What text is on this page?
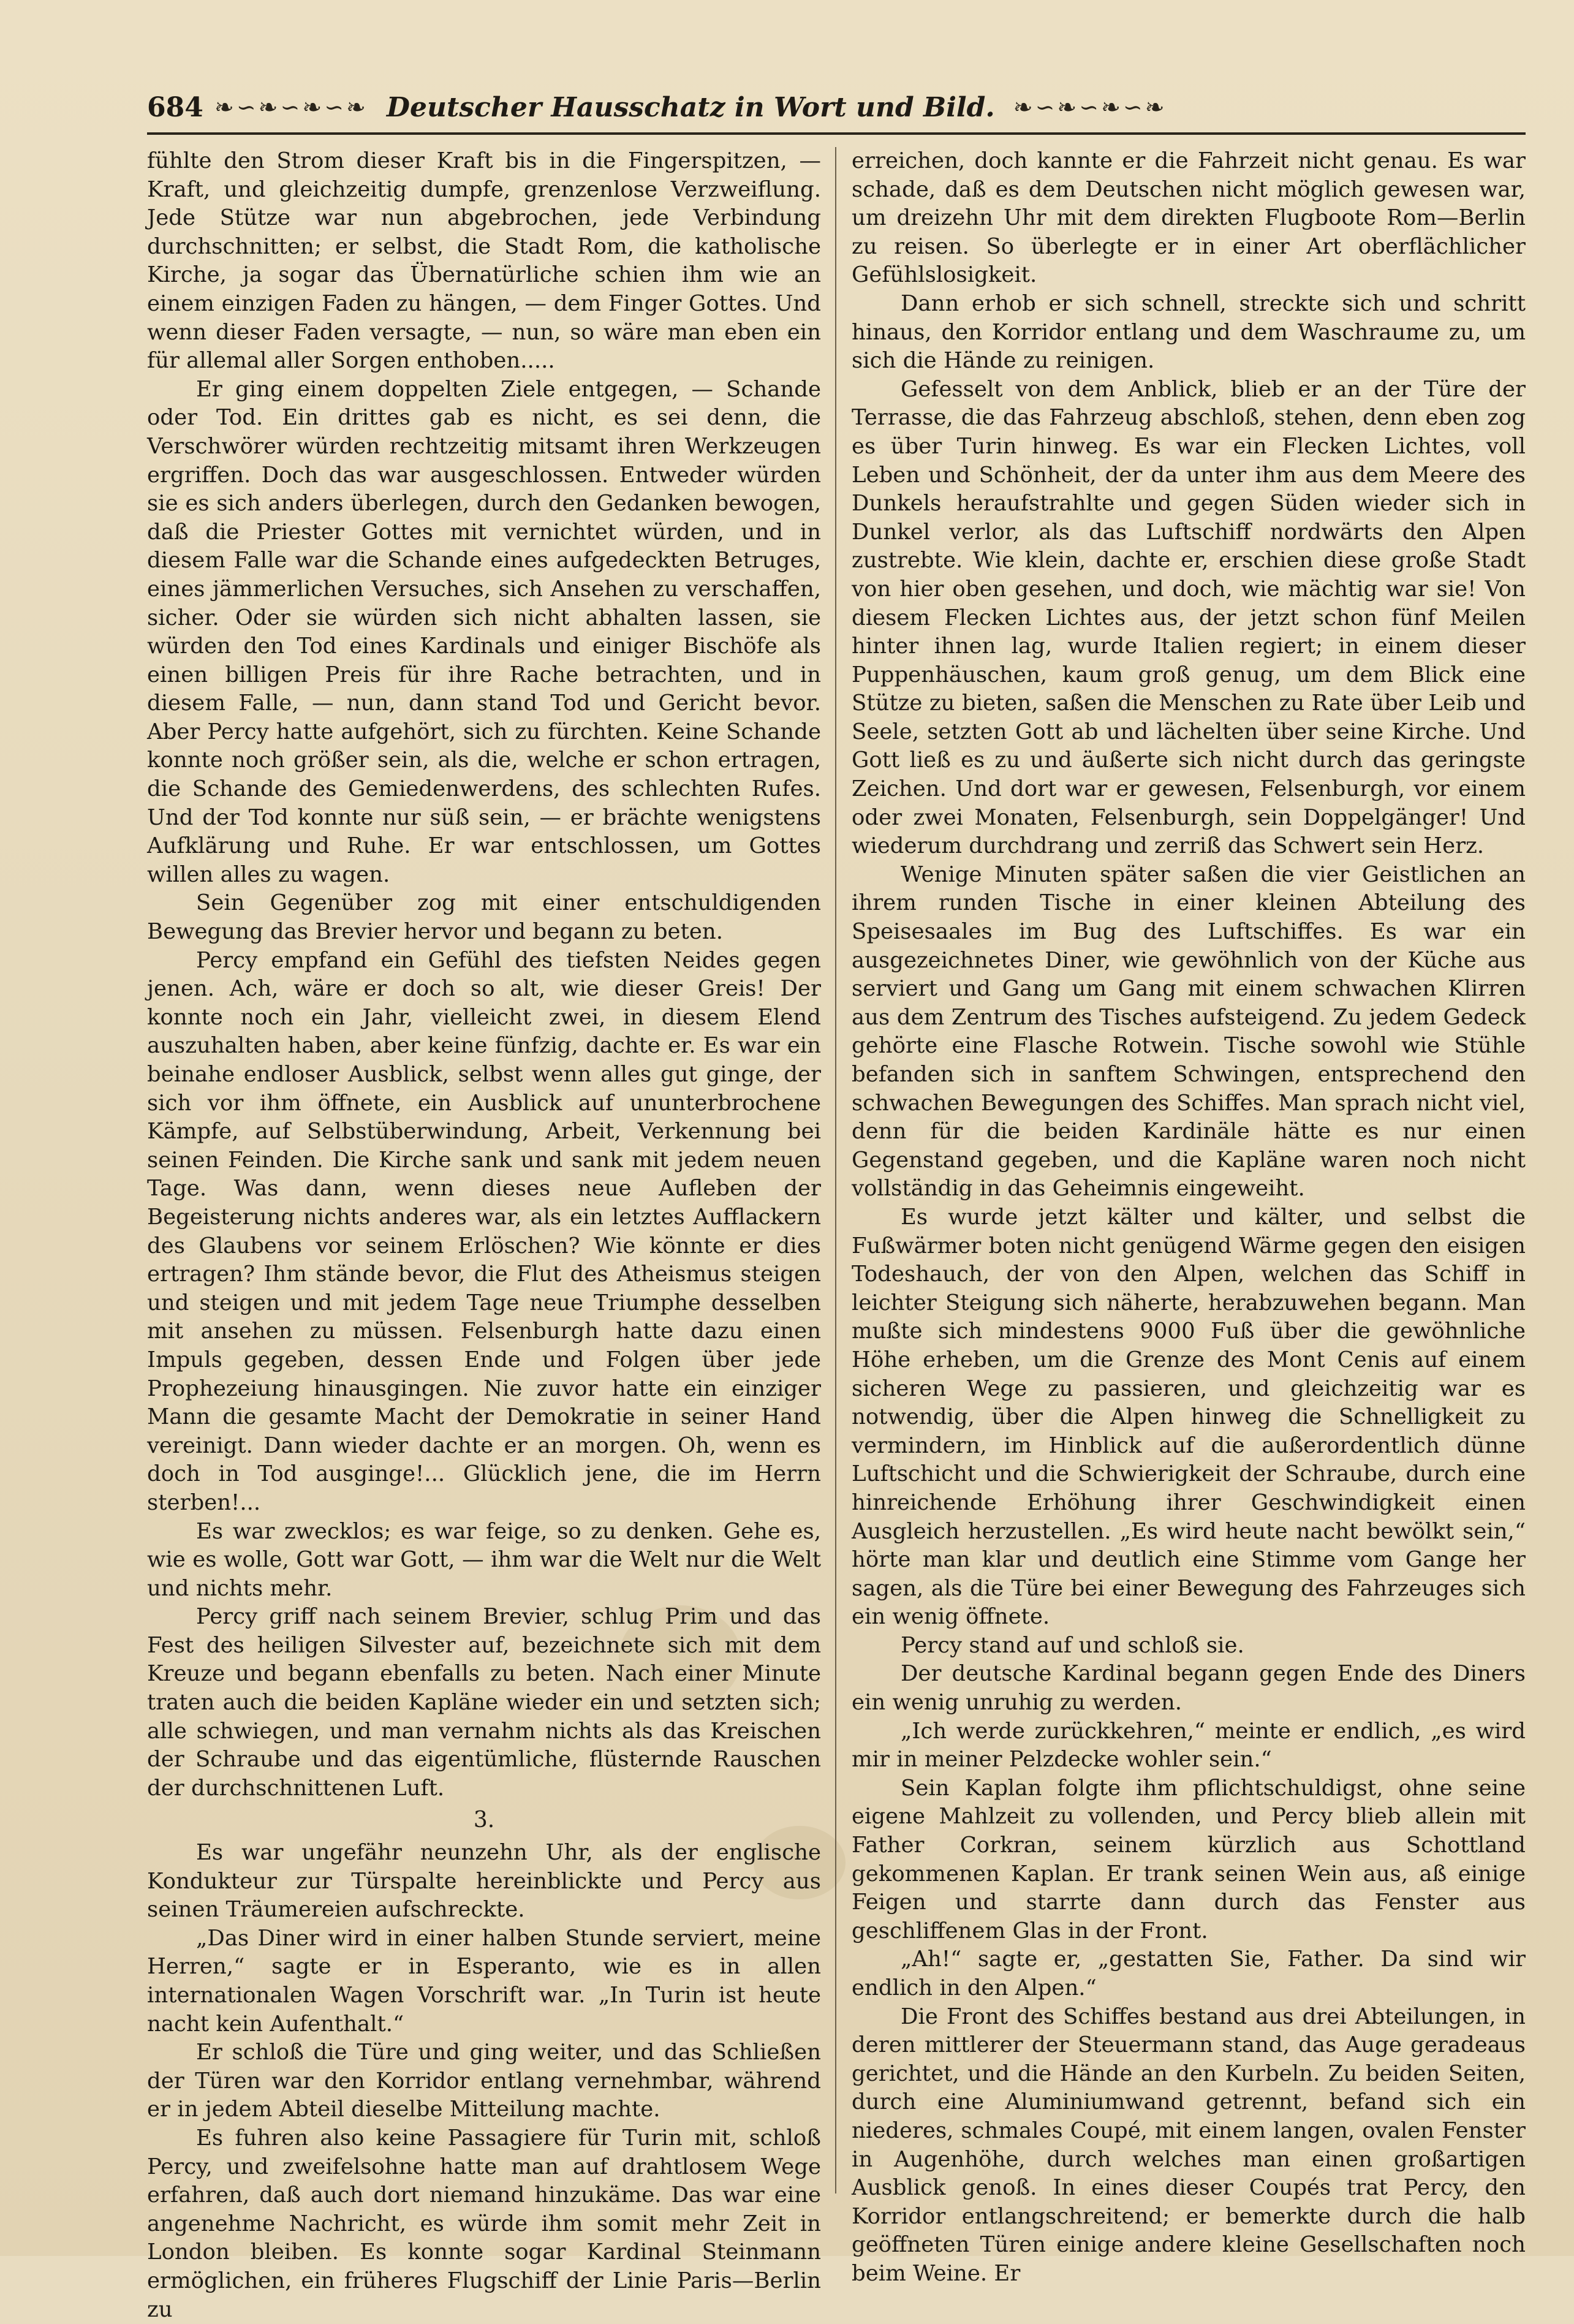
684 ❧∽❧∽❧∽❧ Deutscher Hausschatz in Wort und Bild. ❧∽❧∽❧∽❧

fühlte den Strom dieser Kraft bis in die Fingerspitzen, — Kraft, und gleichzeitig dumpfe, grenzenlose Verzweiflung. Jede Stütze war nun abgebrochen, jede Verbindung durchschnitten; er selbst, die Stadt Rom, die katholische Kirche, ja sogar das Übernatürliche schien ihm wie an einem einzigen Faden zu hängen, — dem Finger Gottes. Und wenn dieser Faden versagte, — nun, so wäre man eben ein für allemal aller Sorgen enthoben.....

Er ging einem doppelten Ziele entgegen, — Schande oder Tod. Ein drittes gab es nicht, es sei denn, die Verschwörer würden rechtzeitig mitsamt ihren Werkzeugen ergriffen. Doch das war ausgeschlossen. Entweder würden sie es sich anders überlegen, durch den Gedanken bewogen, daß die Priester Gottes mit vernichtet würden, und in diesem Falle war die Schande eines aufgedeckten Betruges, eines jämmerlichen Versuches, sich Ansehen zu verschaffen, sicher. Oder sie würden sich nicht abhalten lassen, sie würden den Tod eines Kardinals und einiger Bischöfe als einen billigen Preis für ihre Rache betrachten, und in diesem Falle, — nun, dann stand Tod und Gericht bevor. Aber Percy hatte aufgehört, sich zu fürchten. Keine Schande konnte noch größer sein, als die, welche er schon ertragen, die Schande des Gemiedenwerdens, des schlechten Rufes. Und der Tod konnte nur süß sein, — er brächte wenigstens Aufklärung und Ruhe. Er war entschlossen, um Gottes willen alles zu wagen.

Sein Gegenüber zog mit einer entschuldigenden Bewegung das Brevier hervor und begann zu beten.

Percy empfand ein Gefühl des tiefsten Neides gegen jenen. Ach, wäre er doch so alt, wie dieser Greis! Der konnte noch ein Jahr, vielleicht zwei, in diesem Elend auszuhalten haben, aber keine fünfzig, dachte er. Es war ein beinahe endloser Ausblick, selbst wenn alles gut ginge, der sich vor ihm öffnete, ein Ausblick auf ununterbrochene Kämpfe, auf Selbstüberwindung, Arbeit, Verkennung bei seinen Feinden. Die Kirche sank und sank mit jedem neuen Tage. Was dann, wenn dieses neue Aufleben der Begeisterung nichts anderes war, als ein letztes Aufflackern des Glaubens vor seinem Erlöschen? Wie könnte er dies ertragen? Ihm stände bevor, die Flut des Atheismus steigen und steigen und mit jedem Tage neue Triumphe desselben mit ansehen zu müssen. Felsenburgh hatte dazu einen Impuls gegeben, dessen Ende und Folgen über jede Prophezeiung hinausgingen. Nie zuvor hatte ein einziger Mann die gesamte Macht der Demokratie in seiner Hand vereinigt. Dann wieder dachte er an morgen. Oh, wenn es doch in Tod ausginge!... Glücklich jene, die im Herrn sterben!...

Es war zwecklos; es war feige, so zu denken. Gehe es, wie es wolle, Gott war Gott, — ihm war die Welt nur die Welt und nichts mehr.

Percy griff nach seinem Brevier, schlug Prim und das Fest des heiligen Silvester auf, bezeichnete sich mit dem Kreuze und begann ebenfalls zu beten. Nach einer Minute traten auch die beiden Kapläne wieder ein und setzten sich; alle schwiegen, und man vernahm nichts als das Kreischen der Schraube und das eigentümliche, flüsternde Rauschen der durchschnittenen Luft.

3.

Es war ungefähr neunzehn Uhr, als der englische Kondukteur zur Türspalte hereinblickte und Percy aus seinen Träumereien aufschreckte.

„Das Diner wird in einer halben Stunde serviert, meine Herren,“ sagte er in Esperanto, wie es in allen internationalen Wagen Vorschrift war. „In Turin ist heute nacht kein Aufenthalt.“

Er schloß die Türe und ging weiter, und das Schließen der Türen war den Korridor entlang vernehmbar, während er in jedem Abteil dieselbe Mitteilung machte.

Es fuhren also keine Passagiere für Turin mit, schloß Percy, und zweifelsohne hatte man auf drahtlosem Wege erfahren, daß auch dort niemand hinzukäme. Das war eine angenehme Nachricht, es würde ihm somit mehr Zeit in London bleiben. Es konnte sogar Kardinal Steinmann ermöglichen, ein früheres Flugschiff der Linie Paris—Berlin zu

erreichen, doch kannte er die Fahrzeit nicht genau. Es war schade, daß es dem Deutschen nicht möglich gewesen war, um dreizehn Uhr mit dem direkten Flugboote Rom—Berlin zu reisen. So überlegte er in einer Art oberflächlicher Gefühlslosigkeit.

Dann erhob er sich schnell, streckte sich und schritt hinaus, den Korridor entlang und dem Waschraume zu, um sich die Hände zu reinigen.

Gefesselt von dem Anblick, blieb er an der Türe der Terrasse, die das Fahrzeug abschloß, stehen, denn eben zog es über Turin hinweg. Es war ein Flecken Lichtes, voll Leben und Schönheit, der da unter ihm aus dem Meere des Dunkels heraufstrahlte und gegen Süden wieder sich in Dunkel verlor, als das Luftschiff nordwärts den Alpen zustrebte. Wie klein, dachte er, erschien diese große Stadt von hier oben gesehen, und doch, wie mächtig war sie! Von diesem Flecken Lichtes aus, der jetzt schon fünf Meilen hinter ihnen lag, wurde Italien regiert; in einem dieser Puppenhäuschen, kaum groß genug, um dem Blick eine Stütze zu bieten, saßen die Menschen zu Rate über Leib und Seele, setzten Gott ab und lächelten über seine Kirche. Und Gott ließ es zu und äußerte sich nicht durch das geringste Zeichen. Und dort war er gewesen, Felsenburgh, vor einem oder zwei Monaten, Felsenburgh, sein Doppelgänger! Und wiederum durchdrang und zerriß das Schwert sein Herz.

Wenige Minuten später saßen die vier Geistlichen an ihrem runden Tische in einer kleinen Abteilung des Speisesaales im Bug des Luftschiffes. Es war ein ausgezeichnetes Diner, wie gewöhnlich von der Küche aus serviert und Gang um Gang mit einem schwachen Klirren aus dem Zentrum des Tisches aufsteigend. Zu jedem Gedeck gehörte eine Flasche Rotwein. Tische sowohl wie Stühle befanden sich in sanftem Schwingen, entsprechend den schwachen Bewegungen des Schiffes. Man sprach nicht viel, denn für die beiden Kardinäle hätte es nur einen Gegenstand gegeben, und die Kapläne waren noch nicht vollständig in das Geheimnis eingeweiht.

Es wurde jetzt kälter und kälter, und selbst die Fußwärmer boten nicht genügend Wärme gegen den eisigen Todeshauch, der von den Alpen, welchen das Schiff in leichter Steigung sich näherte, herabzuwehen begann. Man mußte sich mindestens 9000 Fuß über die gewöhnliche Höhe erheben, um die Grenze des Mont Cenis auf einem sicheren Wege zu passieren, und gleichzeitig war es notwendig, über die Alpen hinweg die Schnelligkeit zu vermindern, im Hinblick auf die außerordentlich dünne Luftschicht und die Schwierigkeit der Schraube, durch eine hinreichende Erhöhung ihrer Geschwindigkeit einen Ausgleich herzustellen. „Es wird heute nacht bewölkt sein,“ hörte man klar und deutlich eine Stimme vom Gange her sagen, als die Türe bei einer Bewegung des Fahrzeuges sich ein wenig öffnete.

Percy stand auf und schloß sie.

Der deutsche Kardinal begann gegen Ende des Diners ein wenig unruhig zu werden.

„Ich werde zurückkehren,“ meinte er endlich, „es wird mir in meiner Pelzdecke wohler sein.“

Sein Kaplan folgte ihm pflichtschuldigst, ohne seine eigene Mahlzeit zu vollenden, und Percy blieb allein mit Father Corkran, seinem kürzlich aus Schottland gekommenen Kaplan. Er trank seinen Wein aus, aß einige Feigen und starrte dann durch das Fenster aus geschliffenem Glas in der Front.

„Ah!“ sagte er, „gestatten Sie, Father. Da sind wir endlich in den Alpen.“

Die Front des Schiffes bestand aus drei Abteilungen, in deren mittlerer der Steuermann stand, das Auge geradeaus gerichtet, und die Hände an den Kurbeln. Zu beiden Seiten, durch eine Aluminiumwand getrennt, befand sich ein niederes, schmales Coupé, mit einem langen, ovalen Fenster in Augenhöhe, durch welches man einen großartigen Ausblick genoß. In eines dieser Coupés trat Percy, den Korridor entlangschreitend; er bemerkte durch die halb geöffneten Türen einige andere kleine Gesellschaften noch beim Weine. Er
